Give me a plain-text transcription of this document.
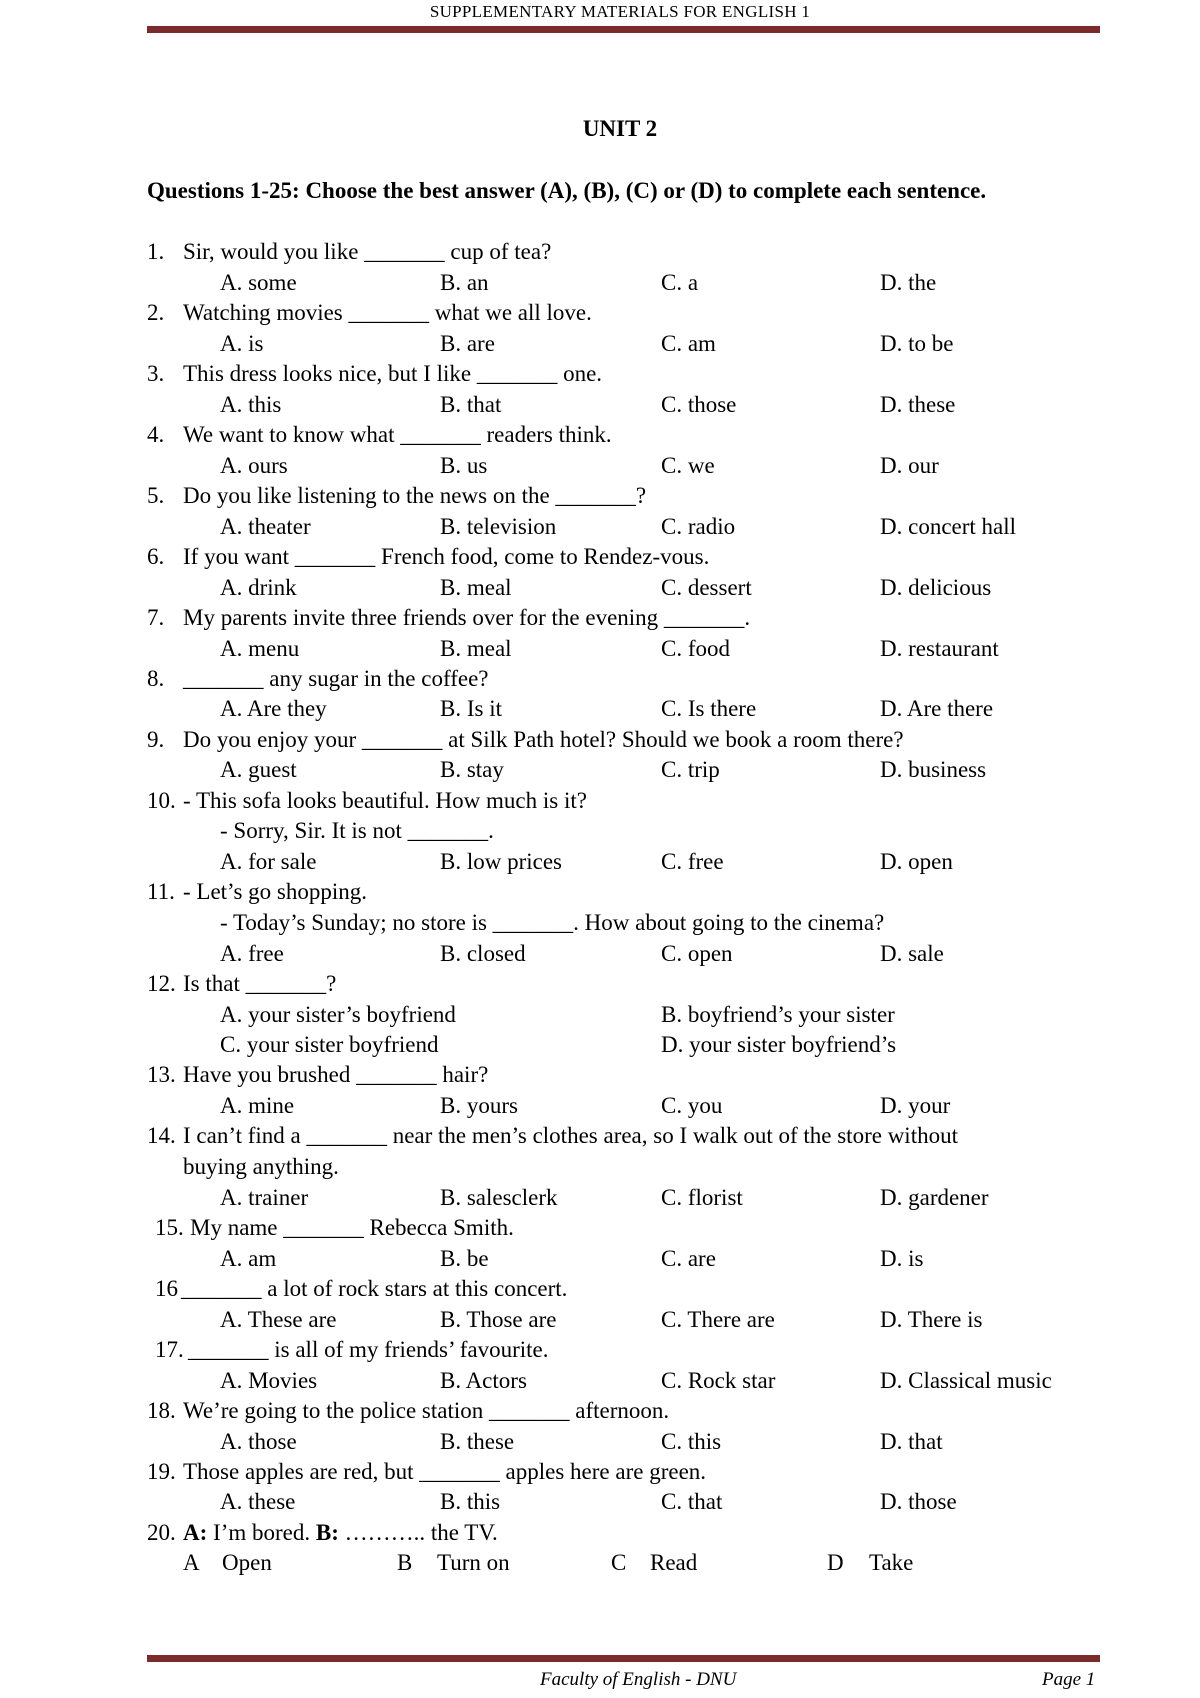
SUPPLEMENTARY MATERIALS FOR ENGLISH 1
UNIT 2
Questions 1-25: Choose the best answer (A), (B), (C) or (D) to complete each sentence.
1. Sir, would you like _______ cup of tea?
A. some	B. an	C. a	D. the
2. Watching movies _______ what we all love.
A. is	B. are	C. am	D. to be
3. This dress looks nice, but I like _______ one.
A. this	B. that	C. those	D. these
4. We want to know what _______ readers think.
A. ours	B. us	C. we	D. our
5. Do you like listening to the news on the _______?
A. theater	B. television	C. radio	D. concert hall
6. If you want _______ French food, come to Rendez-vous.
A. drink	B. meal	C. dessert	D. delicious
7. My parents invite three friends over for the evening _______.
A. menu	B. meal	C. food	D. restaurant
8. _______ any sugar in the coffee?
A. Are they	B. Is it	C. Is there	D. Are there
9. Do you enjoy your _______ at Silk Path hotel? Should we book a room there?
A. guest	B. stay	C. trip	D. business
10. - This sofa looks beautiful. How much is it?
- Sorry, Sir. It is not _______.
A. for sale	B. low prices	C. free	D. open
11. - Let’s go shopping.
- Today’s Sunday; no store is _______. How about going to the cinema?
A. free	B. closed	C. open	D. sale
12. Is that _______?
A. your sister’s boyfriend	B. boyfriend’s your sister
C. your sister boyfriend	D. your sister boyfriend’s
13. Have you brushed _______ hair?
A. mine	B. yours	C. you	D. your
14. I can’t find a _______ near the men’s clothes area, so I walk out of the store without
buying anything.
A. trainer	B. salesclerk	C. florist	D. gardener
15. My name _______ Rebecca Smith.
A. am	B. be	C. are	D. is
16 _______ a lot of rock stars at this concert.
A. These are	B. Those are	C. There are	D. There is
17. _______ is all of my friends’ favourite.
A. Movies	B. Actors	C. Rock star	D. Classical music
18. We’re going to the police station _______ afternoon.
A. those	B. these	C. this	D. that
19. Those apples are red, but _______ apples here are green.
A. these	B. this	C. that	D. those
20. A: I’m bored. B: ……….. the TV.
A Open	B Turn on	C Read	D Take
Faculty of English - DNU	Page 1
